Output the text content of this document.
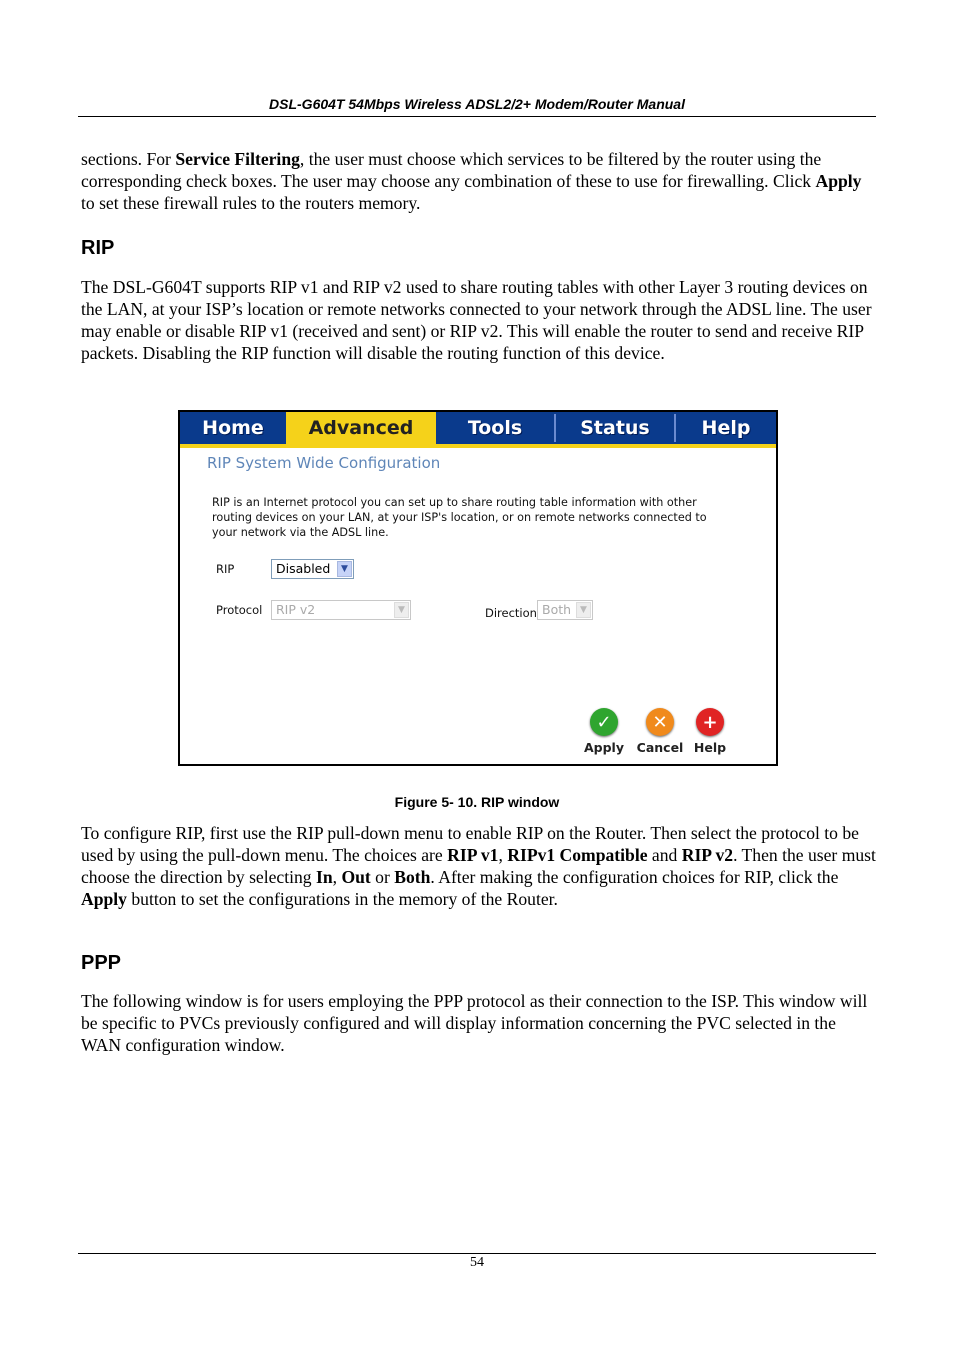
DSL-G604T 54Mbps Wireless ADSL2/2+ Modem/Router Manual

sections. For Service Filtering, the user must choose which services to be filtered by the router using the corresponding check boxes. The user may choose any combination of these to use for firewalling. Click Apply to set these firewall rules to the routers memory.

RIP

The DSL-G604T supports RIP v1 and RIP v2 used to share routing tables with other Layer 3 routing devices on the LAN, at your ISP’s location or remote networks connected to your network through the ADSL line. The user may enable or disable RIP v1 (received and sent) or RIP v2. This will enable the router to send and receive RIP packets. Disabling the RIP function will disable the routing function of this device.

Home	Advanced	Tools	Status	Help
RIP System Wide Configuration
RIP is an Internet protocol you can set up to share routing table information with other routing devices on your LAN, at your ISP's location, or on remote networks connected to your network via the ADSL line.
RIP	Disabled	▼
Protocol	RIP v2	▼	Direction Both ▼
✓
Apply
✕
Cancel
+
Help
Figure 5- 10. RIP window

To configure RIP, first use the RIP pull-down menu to enable RIP on the Router. Then select the protocol to be used by using the pull-down menu. The choices are RIP v1, RIPv1 Compatible and RIP v2. Then the user must choose the direction by selecting In, Out or Both. After making the configuration choices for RIP, click the Apply button to set the configurations in the memory of the Router.

PPP

The following window is for users employing the PPP protocol as their connection to the ISP. This window will be specific to PVCs previously configured and will display information concerning the PVC selected in the WAN configuration window.

54
